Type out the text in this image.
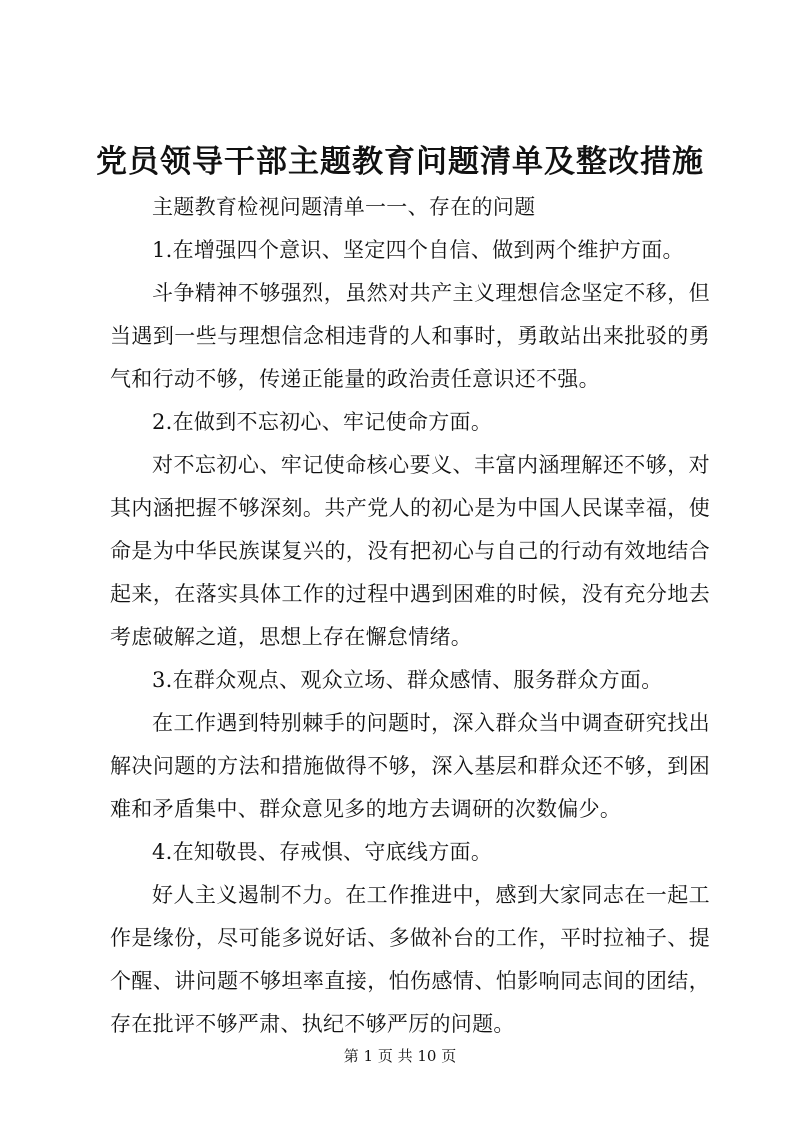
党员领导干部主题教育问题清单及整改措施

主题教育检视问题清单一一、存在的问题

1.在增强四个意识、坚定四个自信、做到两个维护方面。

斗争精神不够强烈，虽然对共产主义理想信念坚定不移，但当遇到一些与理想信念相违背的人和事时，勇敢站出来批驳的勇气和行动不够，传递正能量的政治责任意识还不强。

2.在做到不忘初心、牢记使命方面。

对不忘初心、牢记使命核心要义、丰富内涵理解还不够，对其内涵把握不够深刻。共产党人的初心是为中国人民谋幸福，使命是为中华民族谋复兴的，没有把初心与自己的行动有效地结合起来，在落实具体工作的过程中遇到困难的时候，没有充分地去考虑破解之道，思想上存在懈怠情绪。

3.在群众观点、观众立场、群众感情、服务群众方面。

在工作遇到特别棘手的问题时，深入群众当中调查研究找出解决问题的方法和措施做得不够，深入基层和群众还不够，到困难和矛盾集中、群众意见多的地方去调研的次数偏少。

4.在知敬畏、存戒惧、守底线方面。

好人主义遏制不力。在工作推进中，感到大家同志在一起工作是缘份，尽可能多说好话、多做补台的工作，平时拉袖子、提个醒、讲问题不够坦率直接，怕伤感情、怕影响同志间的团结，存在批评不够严肃、执纪不够严厉的问题。

第 1 页 共 10 页
